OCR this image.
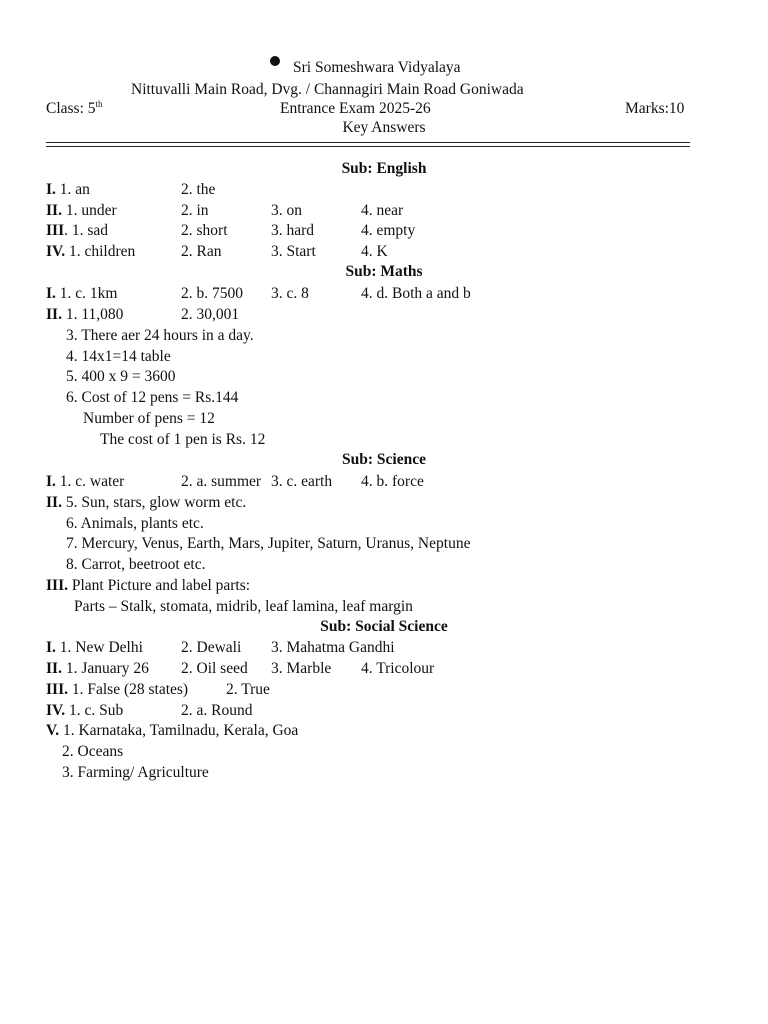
Sri Someshwara Vidyalaya
Nittuvalli Main Road, Dvg. / Channagiri Main Road Goniwada
Class: 5th	Entrance Exam 2025-26	Marks:10
Key Answers
Sub: English
I. 1. an	2. the
II. 1. under	2. in	3. on	4. near
III. 1. sad	2. short	3. hard	4. empty
IV. 1. children	2. Ran	3. Start	4. K
Sub: Maths
I. 1. c. 1km	2. b. 7500 3. c. 8	4. d. Both a and b
II. 1. 11,080	2. 30,001
3. There aer 24 hours in a day.
4. 14x1=14 table
5. 400 x 9 = 3600
6. Cost of 12 pens = Rs.144
Number of pens = 12
The cost of 1 pen is Rs. 12
Sub: Science
I. 1. c. water	2. a. summer 3. c. earth 4. b. force
II. 5. Sun, stars, glow worm etc.
6. Animals, plants etc.
7. Mercury, Venus, Earth, Mars, Jupiter, Saturn, Uranus, Neptune
8. Carrot, beetroot etc.
III. Plant Picture and label parts:
Parts – Stalk, stomata, midrib, leaf lamina, leaf margin
Sub: Social Science
I. 1. New Delhi 2. Dewali 3. Mahatma Gandhi
II. 1. January 26 2. Oil seed 3. Marble 4. Tricolour
III. 1. False (28 states) 2. True
IV. 1. c. Sub	2. a. Round
V. 1. Karnataka, Tamilnadu, Kerala, Goa
2. Oceans
3. Farming/ Agriculture
